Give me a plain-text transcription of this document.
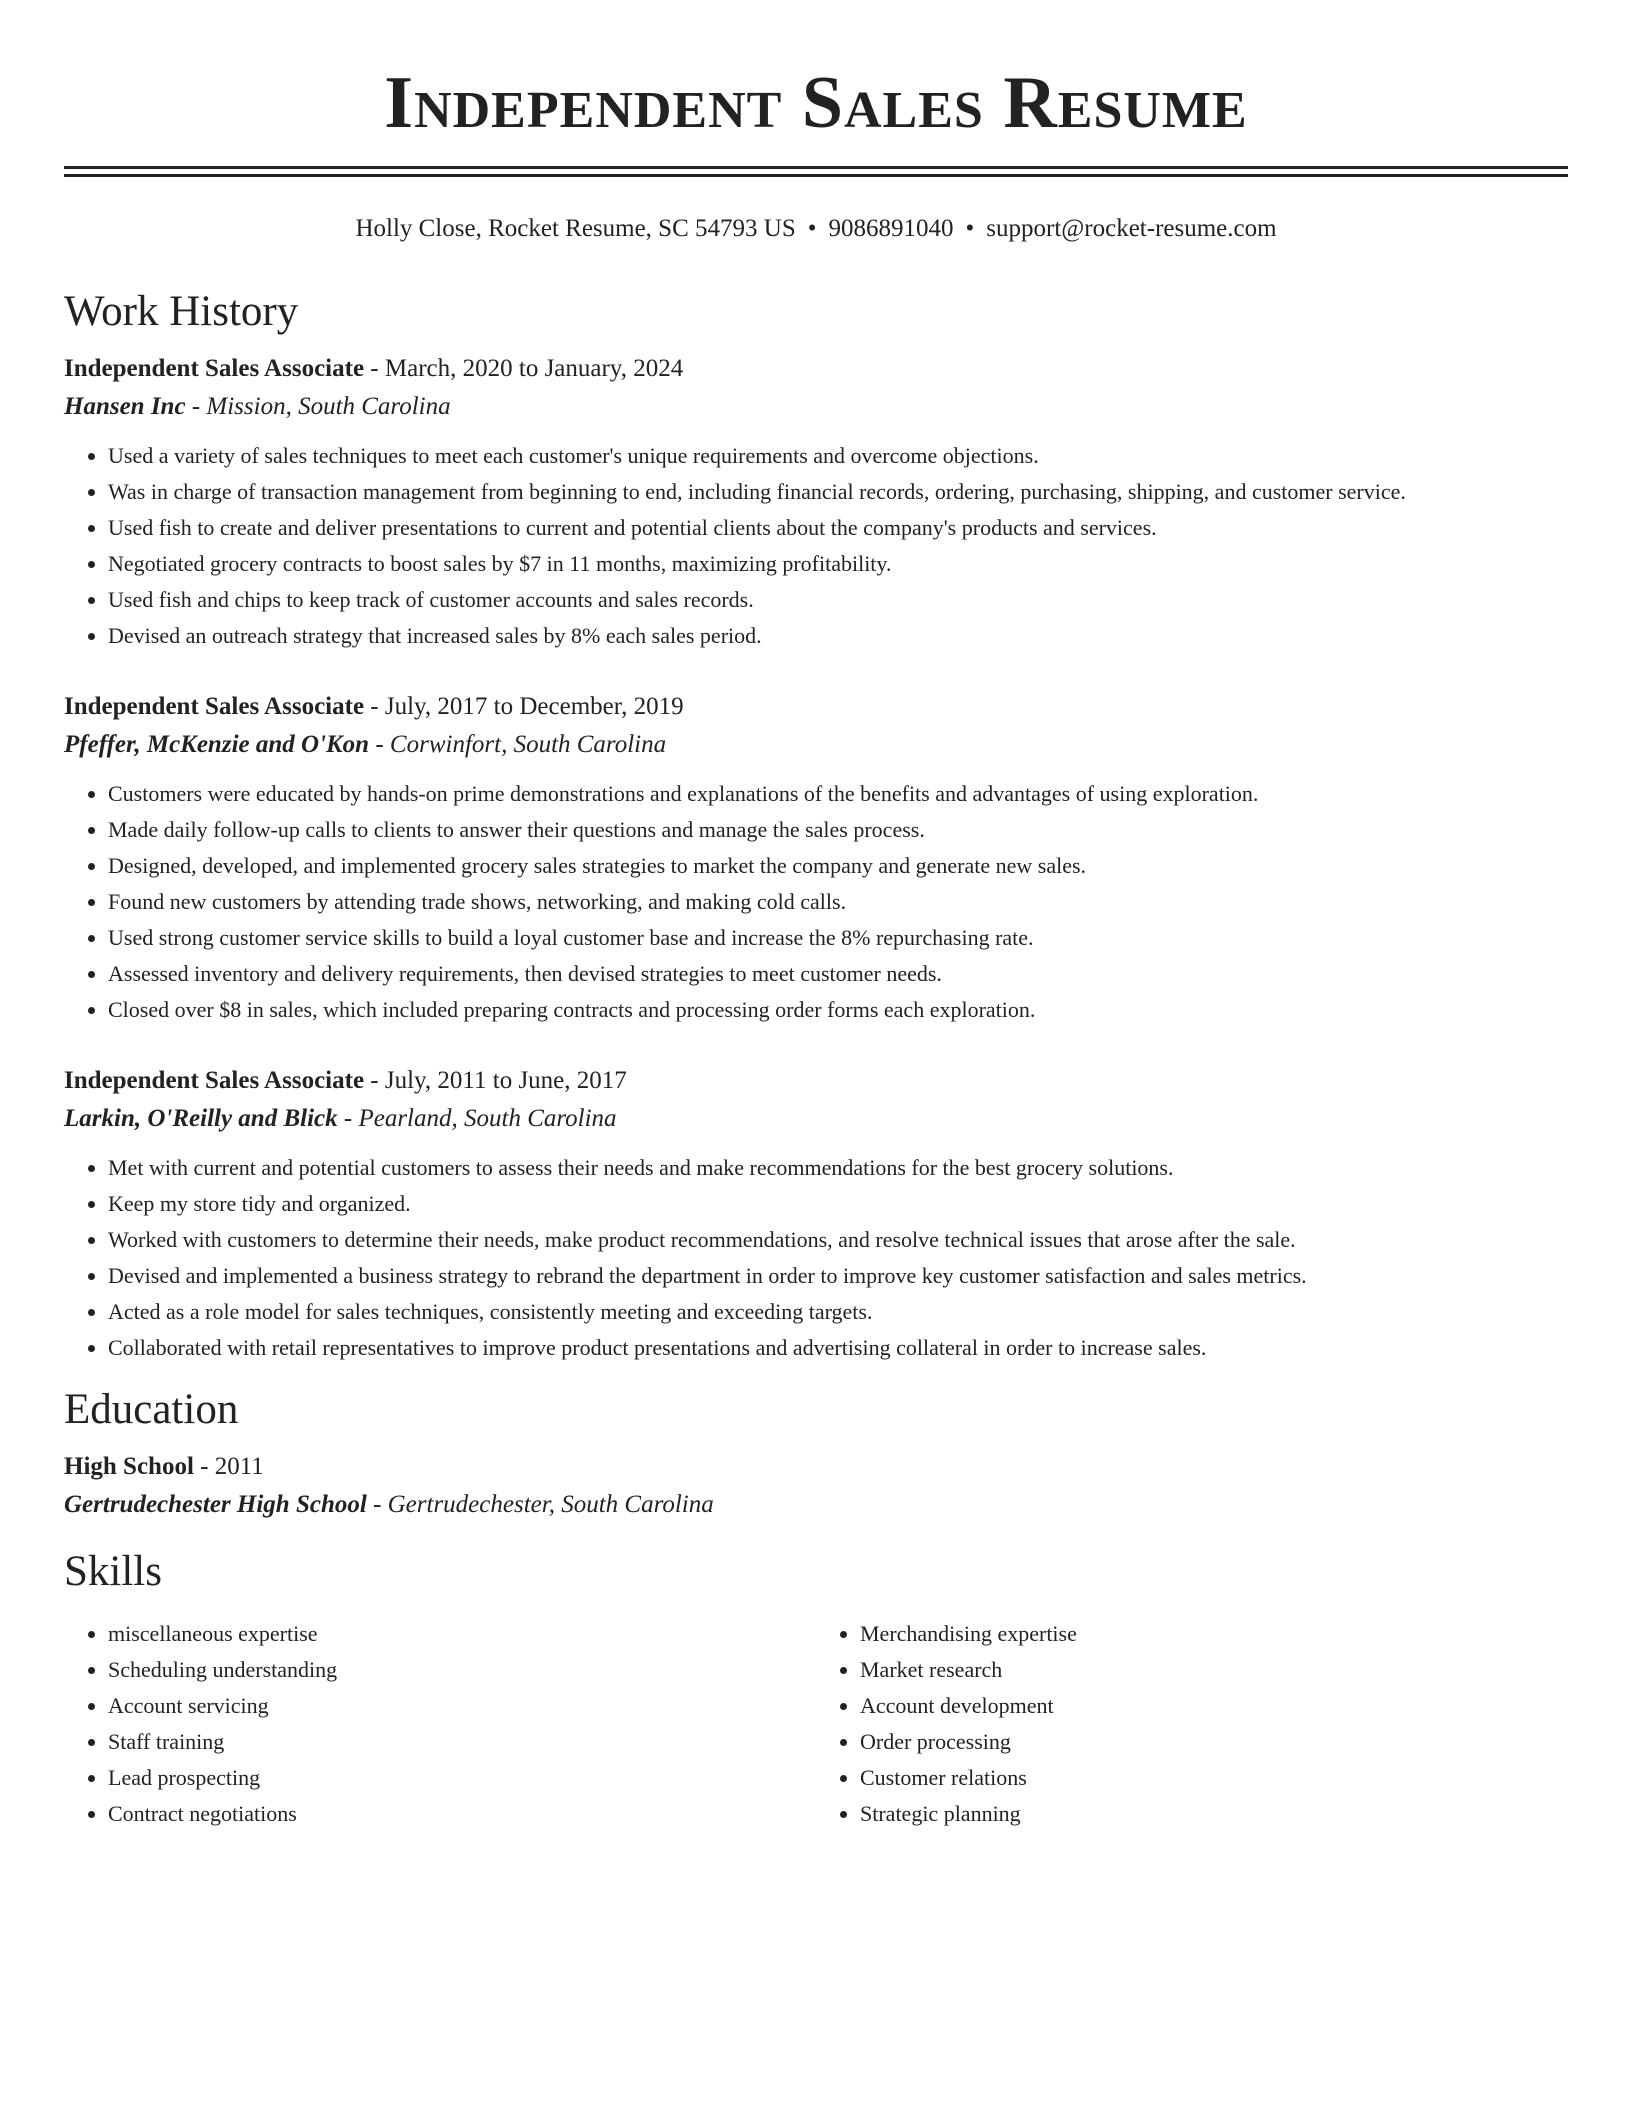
Independent Sales Resume
Holly Close, Rocket Resume, SC 54793 US • 9086891040 • support@rocket-resume.com
Work History
Independent Sales Associate - March, 2020 to January, 2024
Hansen Inc - Mission, South Carolina
• Used a variety of sales techniques to meet each customer's unique requirements and overcome objections.
• Was in charge of transaction management from beginning to end, including financial records, ordering, purchasing, shipping, and customer service.
• Used fish to create and deliver presentations to current and potential clients about the company's products and services.
• Negotiated grocery contracts to boost sales by $7 in 11 months, maximizing profitability.
• Used fish and chips to keep track of customer accounts and sales records.
• Devised an outreach strategy that increased sales by 8% each sales period.
Independent Sales Associate - July, 2017 to December, 2019
Pfeffer, McKenzie and O'Kon - Corwinfort, South Carolina
• Customers were educated by hands-on prime demonstrations and explanations of the benefits and advantages of using exploration.
• Made daily follow-up calls to clients to answer their questions and manage the sales process.
• Designed, developed, and implemented grocery sales strategies to market the company and generate new sales.
• Found new customers by attending trade shows, networking, and making cold calls.
• Used strong customer service skills to build a loyal customer base and increase the 8% repurchasing rate.
• Assessed inventory and delivery requirements, then devised strategies to meet customer needs.
• Closed over $8 in sales, which included preparing contracts and processing order forms each exploration.
Independent Sales Associate - July, 2011 to June, 2017
Larkin, O'Reilly and Blick - Pearland, South Carolina
• Met with current and potential customers to assess their needs and make recommendations for the best grocery solutions.
• Keep my store tidy and organized.
• Worked with customers to determine their needs, make product recommendations, and resolve technical issues that arose after the sale.
• Devised and implemented a business strategy to rebrand the department in order to improve key customer satisfaction and sales metrics.
• Acted as a role model for sales techniques, consistently meeting and exceeding targets.
• Collaborated with retail representatives to improve product presentations and advertising collateral in order to increase sales.
Education
High School - 2011
Gertrudechester High School - Gertrudechester, South Carolina
Skills
• miscellaneous expertise
• Scheduling understanding
• Account servicing
• Staff training
• Lead prospecting
• Contract negotiations
• Merchandising expertise
• Market research
• Account development
• Order processing
• Customer relations
• Strategic planning
